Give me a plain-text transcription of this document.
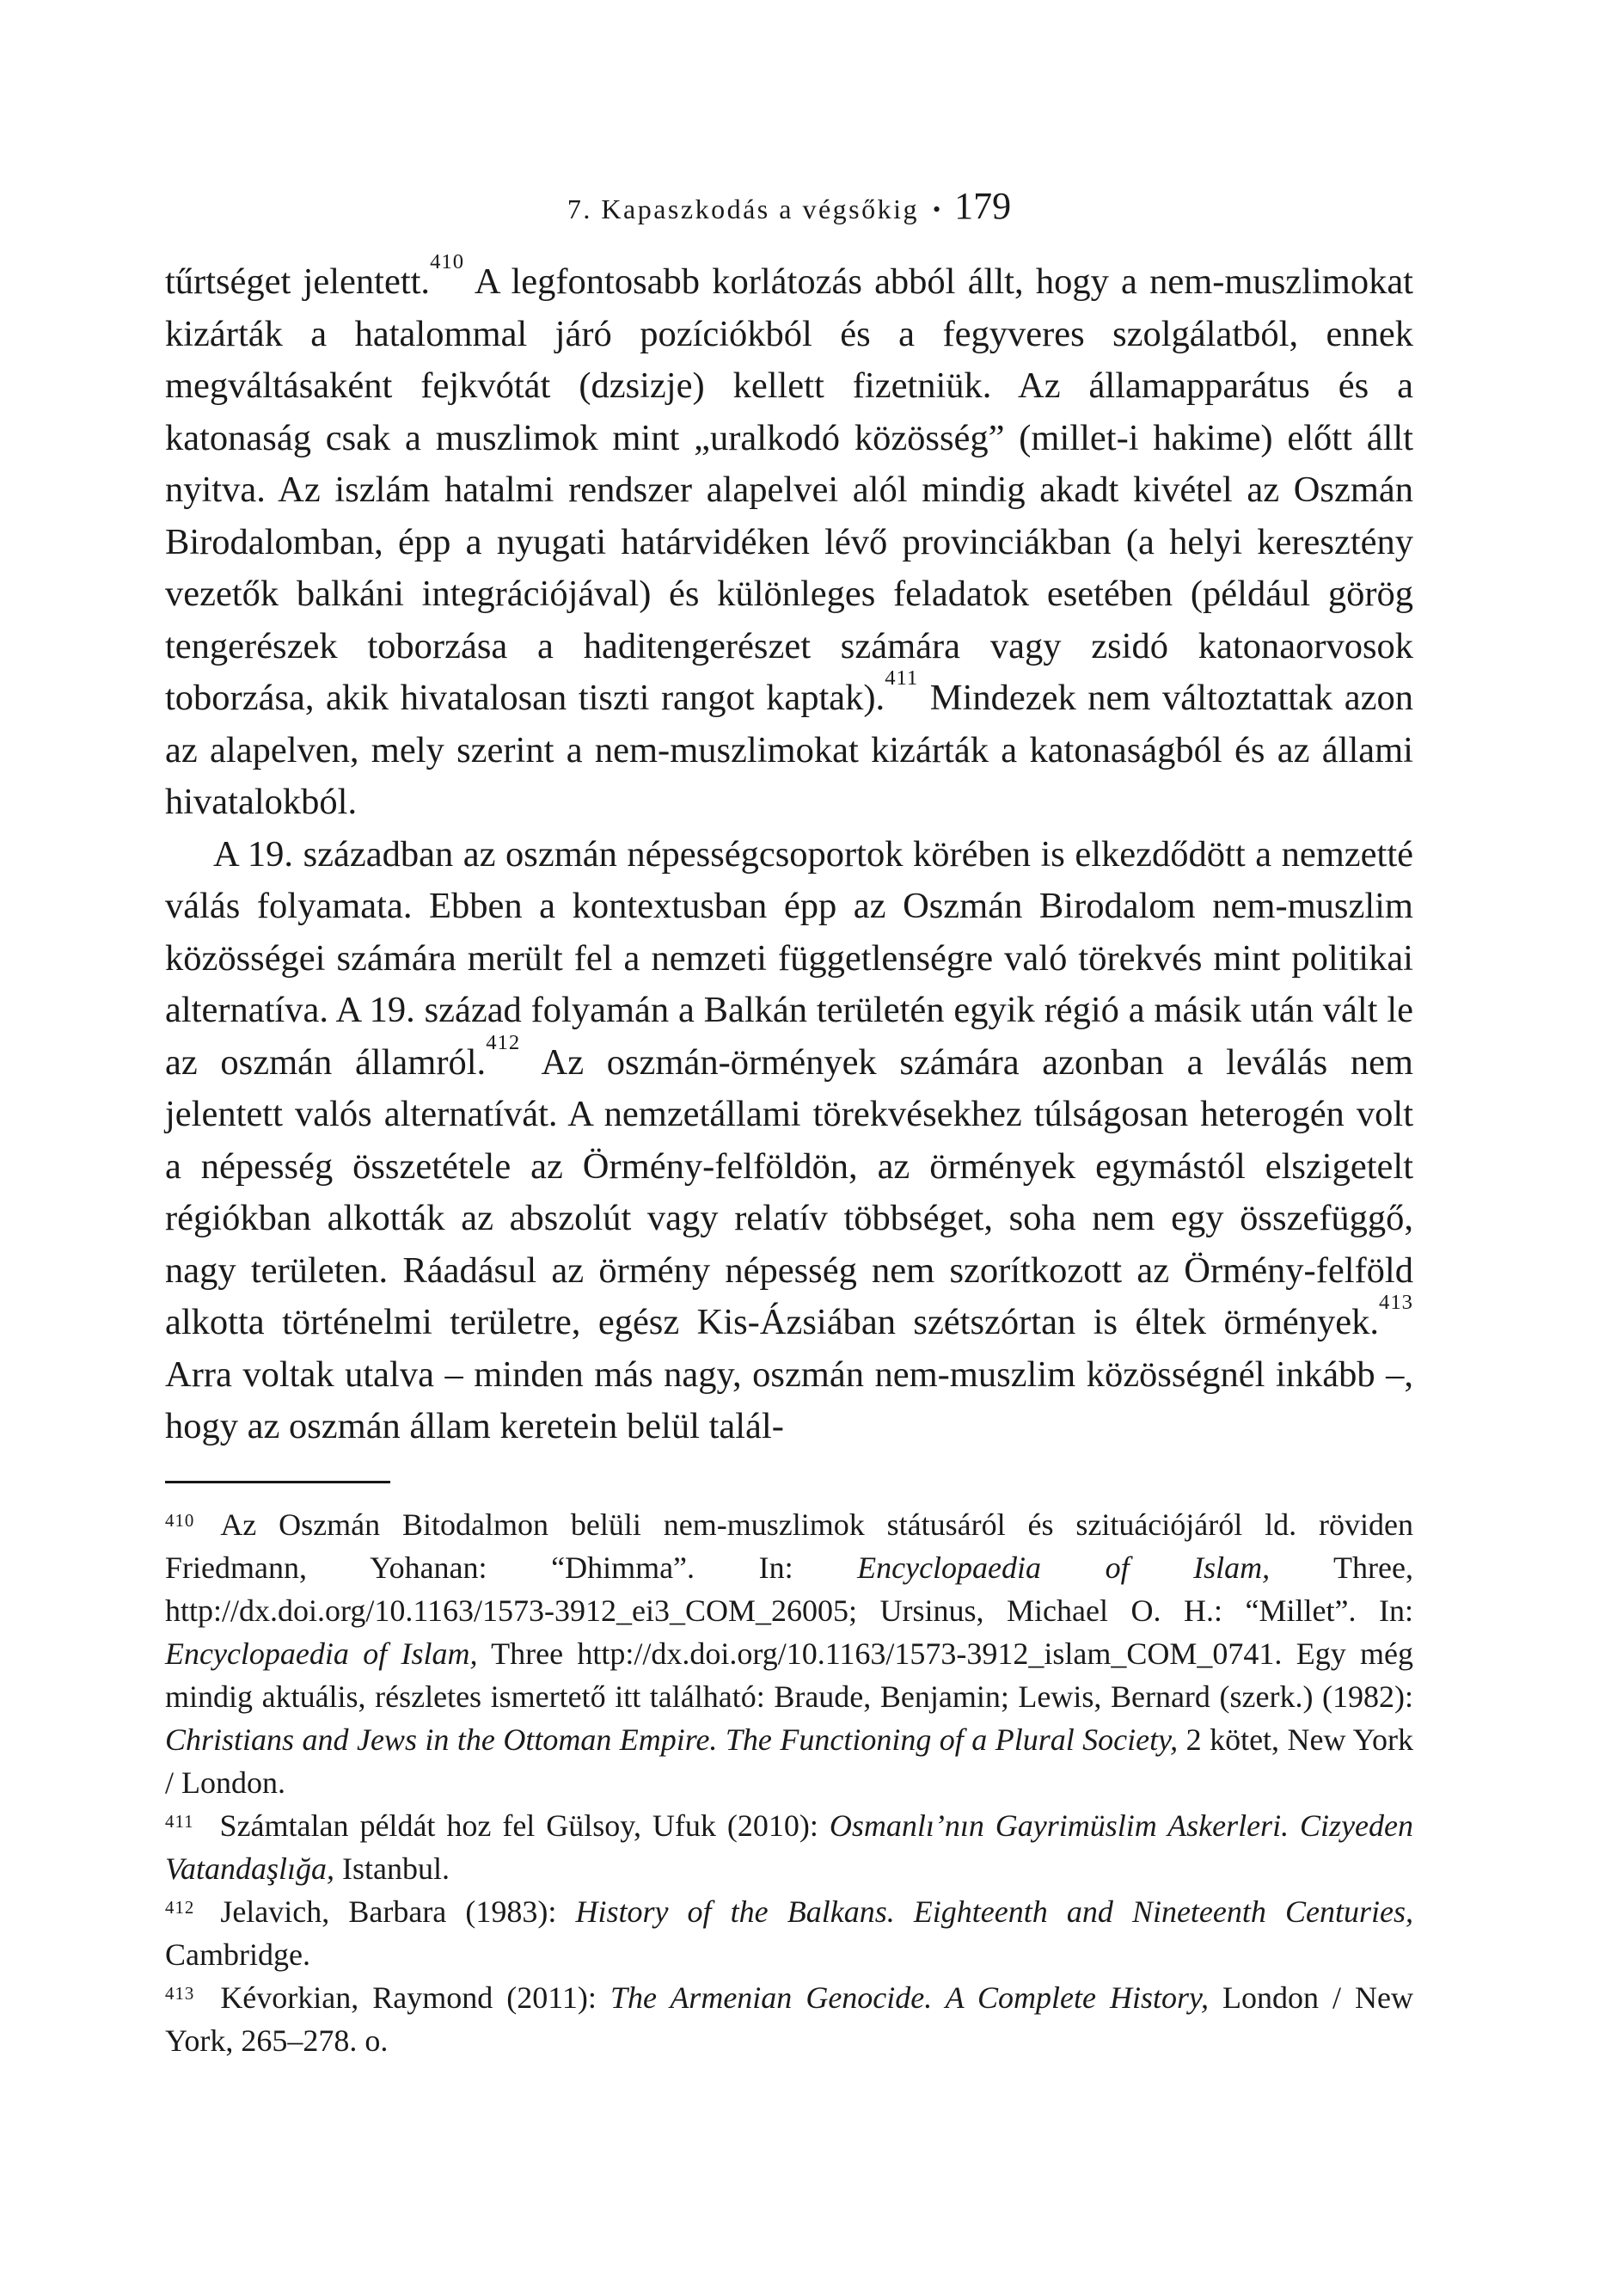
7. Kapaszkodás a végsőkig • 179

tűrtséget jelentett.$^{410}$ A legfontosabb korlátozás abból állt, hogy a nem-muszlimokat kizárták a hatalommal járó pozíciókból és a fegyveres szolgálatból, ennek megváltásaként fejkvótát (dzsizje) kellett fizetniük. Az államapparátus és a katonaság csak a muszlimok mint „uralkodó közösség” (millet-i hakime) előtt állt nyitva. Az iszlám hatalmi rendszer alapelvei alól mindig akadt kivétel az Oszmán Birodalomban, épp a nyugati határvidéken lévő provinciákban (a helyi keresztény vezetők balkáni integrációjával) és különleges feladatok esetében (például görög tengerészek toborzása a haditengerészet számára vagy zsidó katonaorvosok toborzása, akik hivatalosan tiszti rangot kaptak).$^{411}$ Mindezek nem változtattak azon az alapelven, mely szerint a nem-muszlimokat kizárták a katonaságból és az állami hivatalokból.

A 19. században az oszmán népességcsoportok körében is elkezdődött a nemzetté válás folyamata. Ebben a kontextusban épp az Oszmán Birodalom nem-muszlim közösségei számára merült fel a nemzeti függetlenségre való törekvés mint politikai alternatíva. A 19. század folyamán a Balkán területén egyik régió a másik után vált le az oszmán államról.$^{412}$ Az oszmán-örmények számára azonban a leválás nem jelentett valós alternatívát. A nemzetállami törekvésekhez túlságosan heterogén volt a népesség összetétele az Örmény-felföldön, az örmények egymástól elszigetelt régiókban alkották az abszolút vagy relatív többséget, soha nem egy összefüggő, nagy területen. Ráadásul az örmény népesség nem szorítkozott az Örmény-felföld alkotta történelmi területre, egész Kis-Ázsiában szétszórtan is éltek örmények.$^{413}$ Arra voltak utalva – minden más nagy, oszmán nem-muszlim közösségnél inkább –, hogy az oszmán állam keretein belül talál-

$^{410}$ Az Oszmán Bitodalmon belüli nem-muszlimok státusáról és szituációjáról ld. röviden Friedmann, Yohanan: “Dhimma”. In: Encyclopaedia of Islam, Three, http://dx.doi.org/10.1163/1573-3912_ei3_COM_26005; Ursinus, Michael O. H.: “Millet”. In: Encyclopaedia of Islam, Three http://dx.doi.org/10.1163/1573-3912_islam_COM_0741. Egy még mindig aktuális, részletes ismertető itt található: Braude, Benjamin; Lewis, Bernard (szerk.) (1982): Christians and Jews in the Ottoman Empire. The Functioning of a Plural Society, 2 kötet, New York / London.

$^{411}$ Számtalan példát hoz fel Gülsoy, Ufuk (2010): Osmanlı’nın Gayrimüslim Askerleri. Cizyeden Vatandaşlığa, Istanbul.

$^{412}$ Jelavich, Barbara (1983): History of the Balkans. Eighteenth and Nineteenth Centuries, Cambridge.

$^{413}$ Kévorkian, Raymond (2011): The Armenian Genocide. A Complete History, London / New York, 265–278. o.
